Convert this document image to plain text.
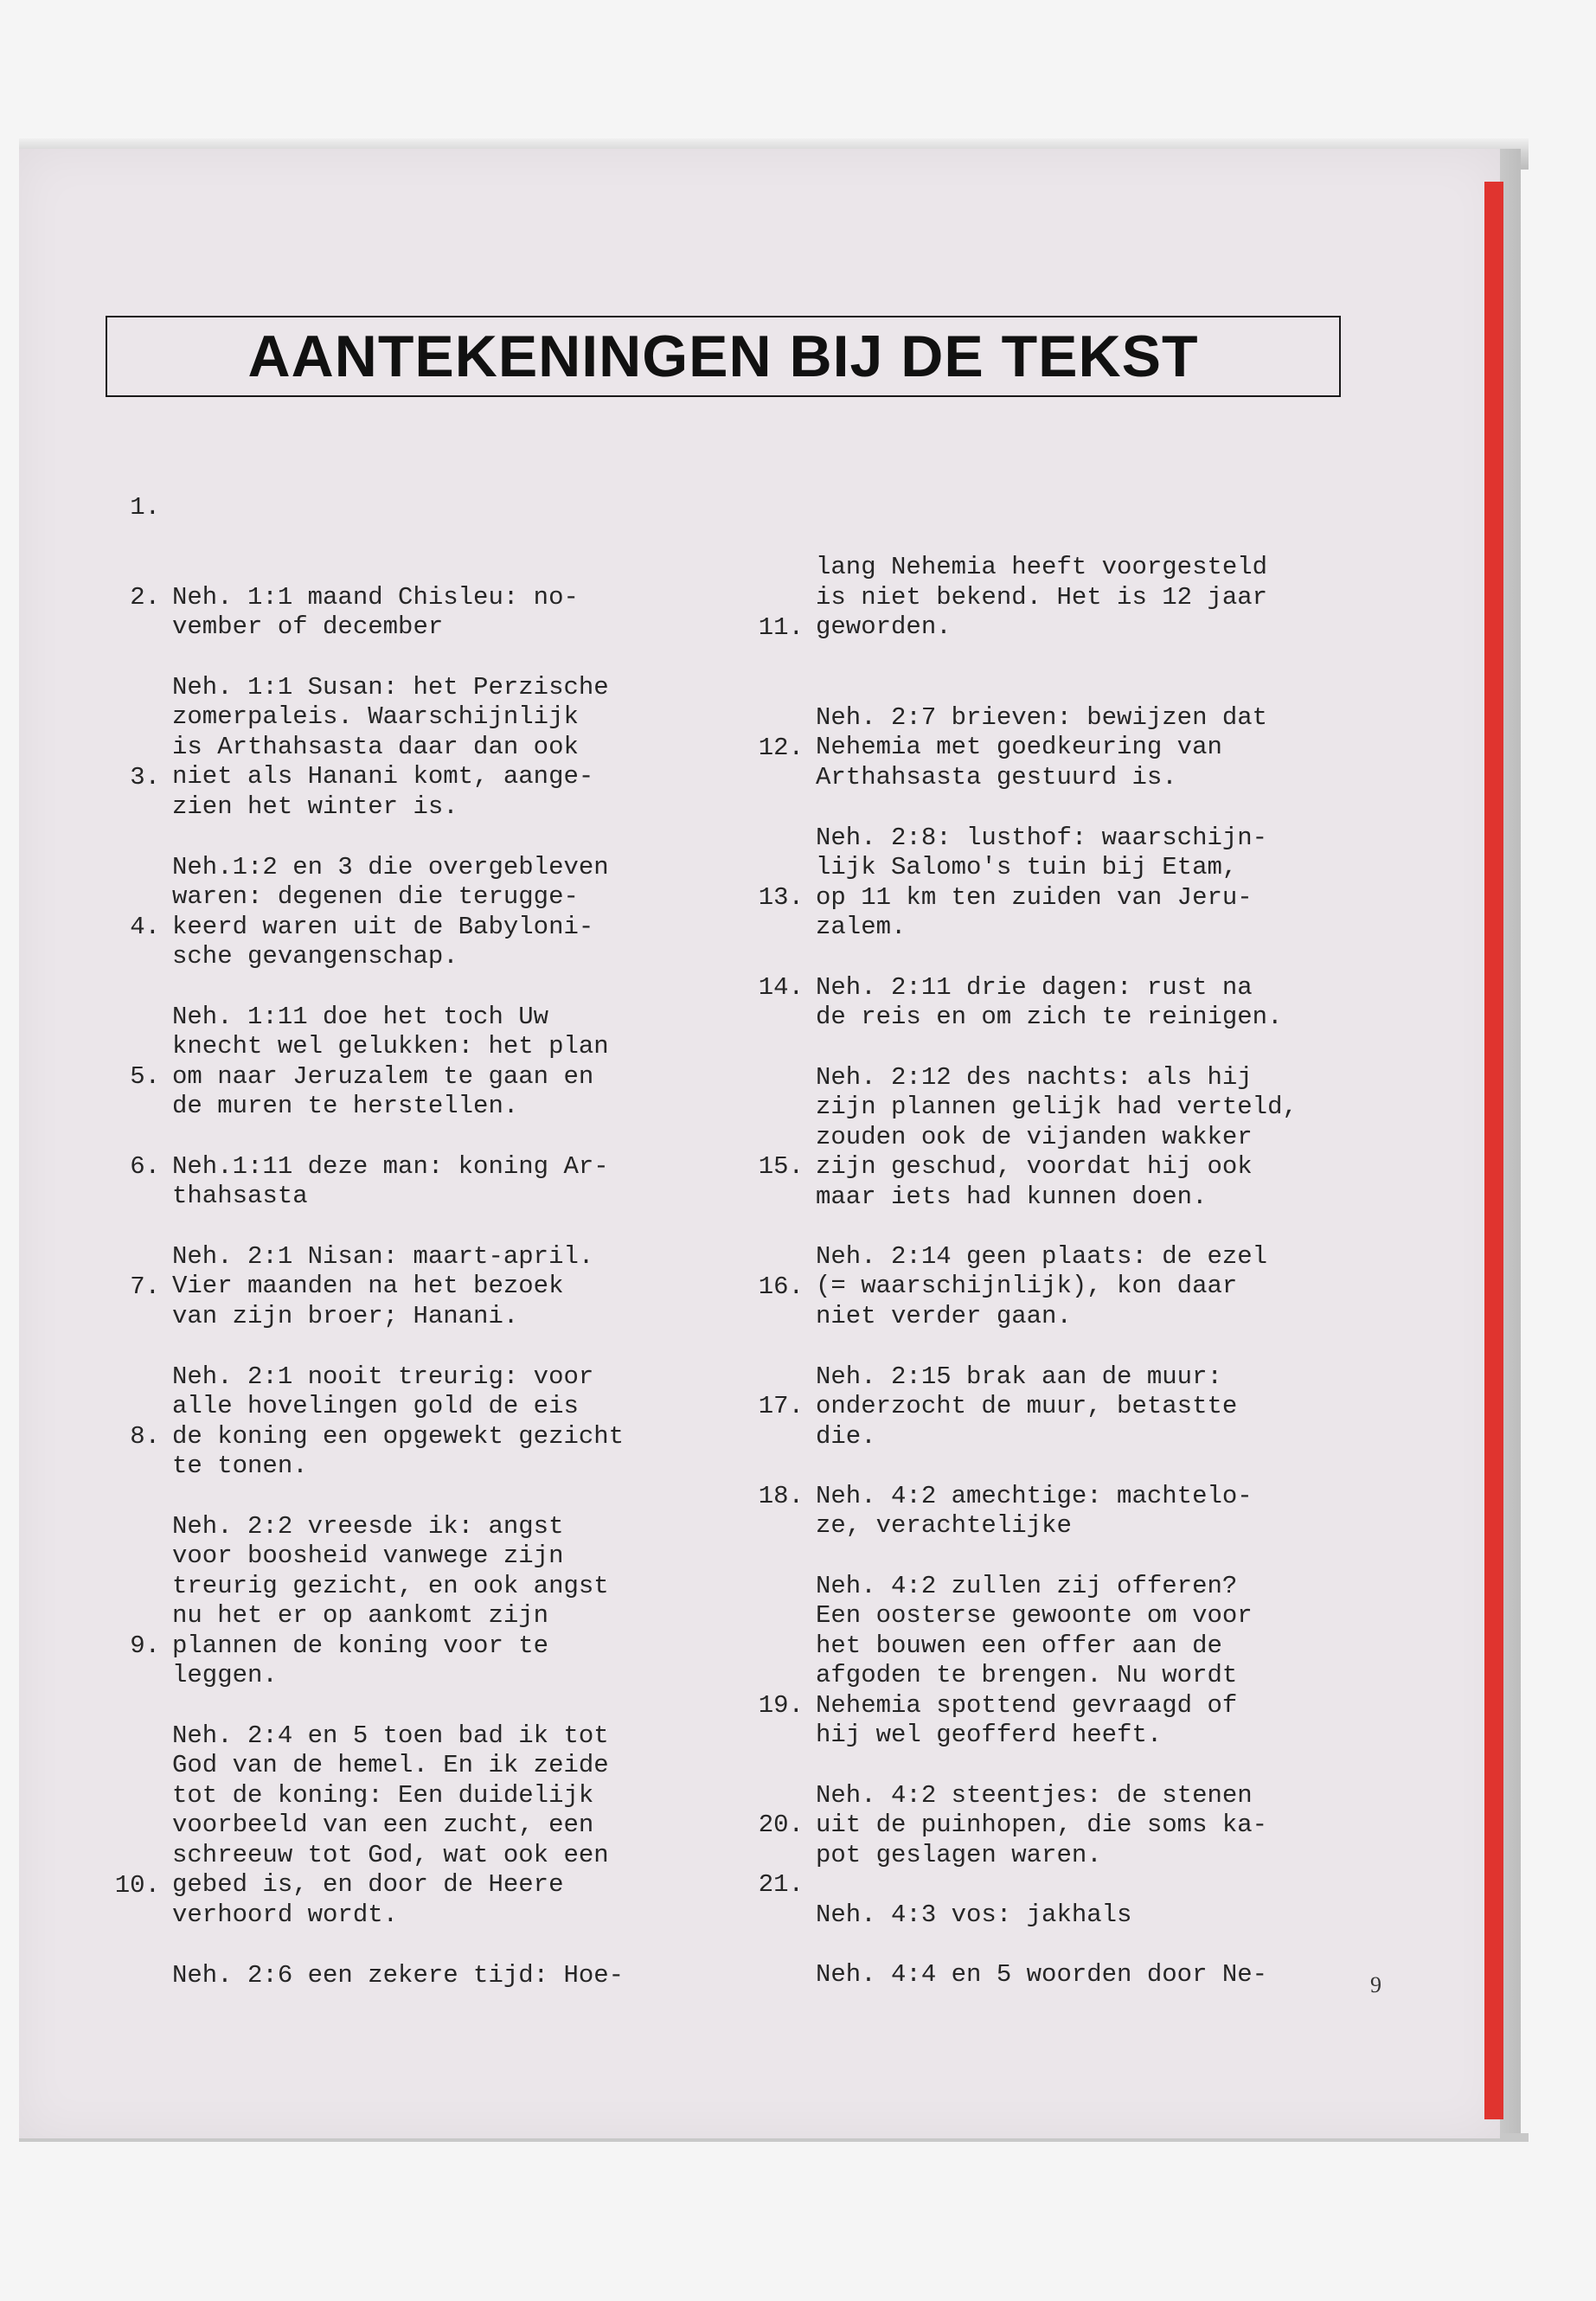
AANTEKENINGEN BIJ DE TEKST

1.

Neh. 1:1 maand Chisleu: no-
vember of december

2.

Neh. 1:1 Susan: het Perzische
zomerpaleis. Waarschijnlijk
is Arthahsasta daar dan ook
niet als Hanani komt, aange-
zien het winter is.

3.

Neh.1:2 en 3 die overgebleven
waren: degenen die terugge-
keerd waren uit de Babyloni-
sche gevangenschap.

4.

Neh. 1:11 doe het toch Uw
knecht wel gelukken: het plan
om naar Jeruzalem te gaan en
de muren te herstellen.

5.

Neh.1:11 deze man: koning Ar-
thahsasta

6.

Neh. 2:1 Nisan: maart-april.
Vier maanden na het bezoek
van zijn broer; Hanani.

7.

Neh. 2:1 nooit treurig: voor
alle hovelingen gold de eis
de koning een opgewekt gezicht
te tonen.

8.

Neh. 2:2 vreesde ik: angst
voor boosheid vanwege zijn
treurig gezicht, en ook angst
nu het er op aankomt zijn
plannen de koning voor te
leggen.

9.

Neh. 2:4 en 5 toen bad ik tot
God van de hemel. En ik zeide
tot de koning: Een duidelijk
voorbeeld van een zucht, een
schreeuw tot God, wat ook een
gebed is, en door de Heere
verhoord wordt.

10.

Neh. 2:6 een zekere tijd: Hoe-

lang Nehemia heeft voorgesteld
is niet bekend. Het is 12 jaar
geworden.

11.

Neh. 2:7 brieven: bewijzen dat
Nehemia met goedkeuring van
Arthahsasta gestuurd is.

12.

Neh. 2:8: lusthof: waarschijn-
lijk Salomo's tuin bij Etam,
op 11 km ten zuiden van Jeru-
zalem.

13.

Neh. 2:11 drie dagen: rust na
de reis en om zich te reinigen.

14.

Neh. 2:12 des nachts: als hij
zijn plannen gelijk had verteld,
zouden ook de vijanden wakker
zijn geschud, voordat hij ook
maar iets had kunnen doen.

15.

Neh. 2:14 geen plaats: de ezel
(= waarschijnlijk), kon daar
niet verder gaan.

16.

Neh. 2:15 brak aan de muur:
onderzocht de muur, betastte
die.

17.

Neh. 4:2 amechtige: machtelo-
ze, verachtelijke

18.

Neh. 4:2 zullen zij offeren?
Een oosterse gewoonte om voor
het bouwen een offer aan de
afgoden te brengen. Nu wordt
Nehemia spottend gevraagd of
hij wel geofferd heeft.

19.

Neh. 4:2 steentjes: de stenen
uit de puinhopen, die soms ka-
pot geslagen waren.

20.

Neh. 4:3 vos: jakhals

21.

Neh. 4:4 en 5 woorden door Ne-	9
